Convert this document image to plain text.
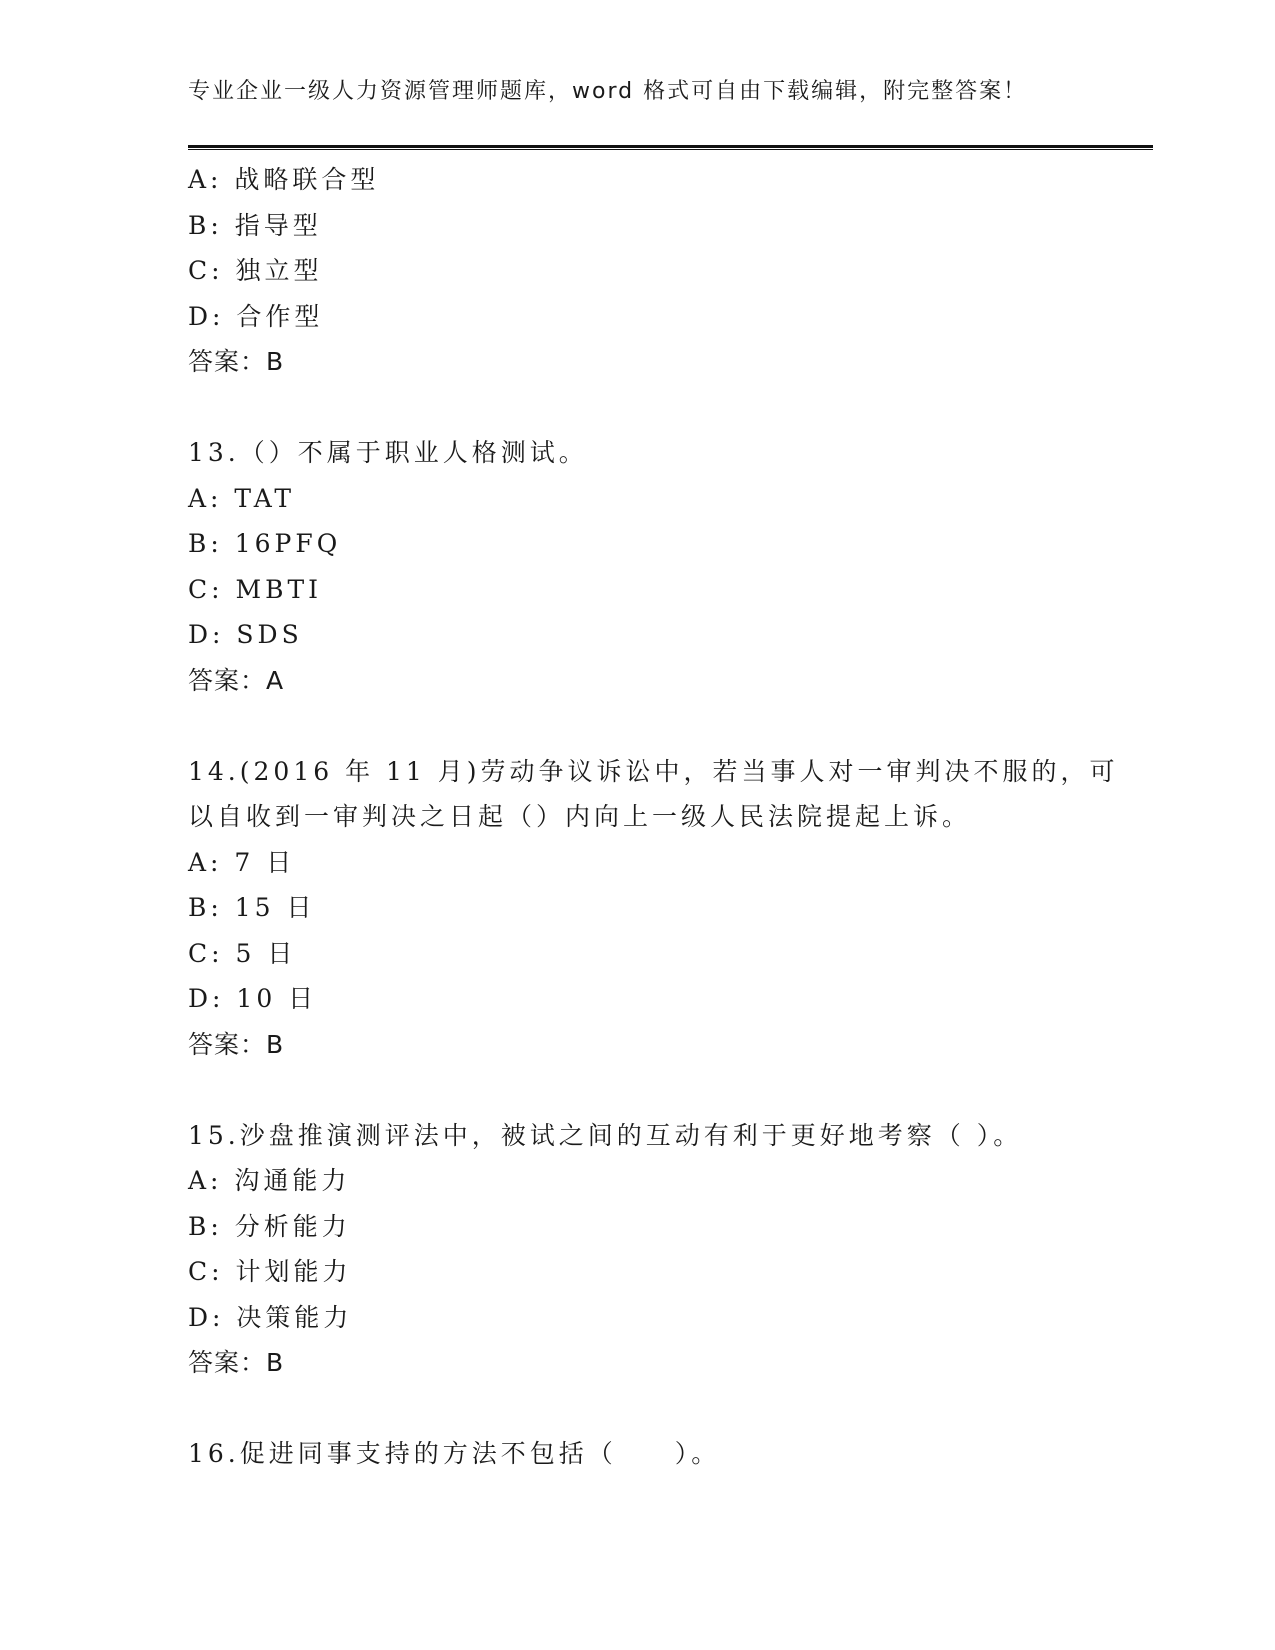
专业企业一级人力资源管理师题库，word 格式可自由下载编辑，附完整答案！
A: 战略联合型
B: 指导型
C: 独立型
D: 合作型
答案：B
13.（）不属于职业人格测试。
A: TAT
B: 16PFQ
C: MBTI
D: SDS
答案：A
14.(2016 年 11 月)劳动争议诉讼中，若当事人对一审判决不服的，可
以自收到一审判决之日起（）内向上一级人民法院提起上诉。
A: 7 日
B: 15 日
C: 5 日
D: 10 日
答案：B
15.沙盘推演测评法中，被试之间的互动有利于更好地考察（ ）。
A: 沟通能力
B: 分析能力
C: 计划能力
D: 决策能力
答案：B
16.促进同事支持的方法不包括（　　）。
